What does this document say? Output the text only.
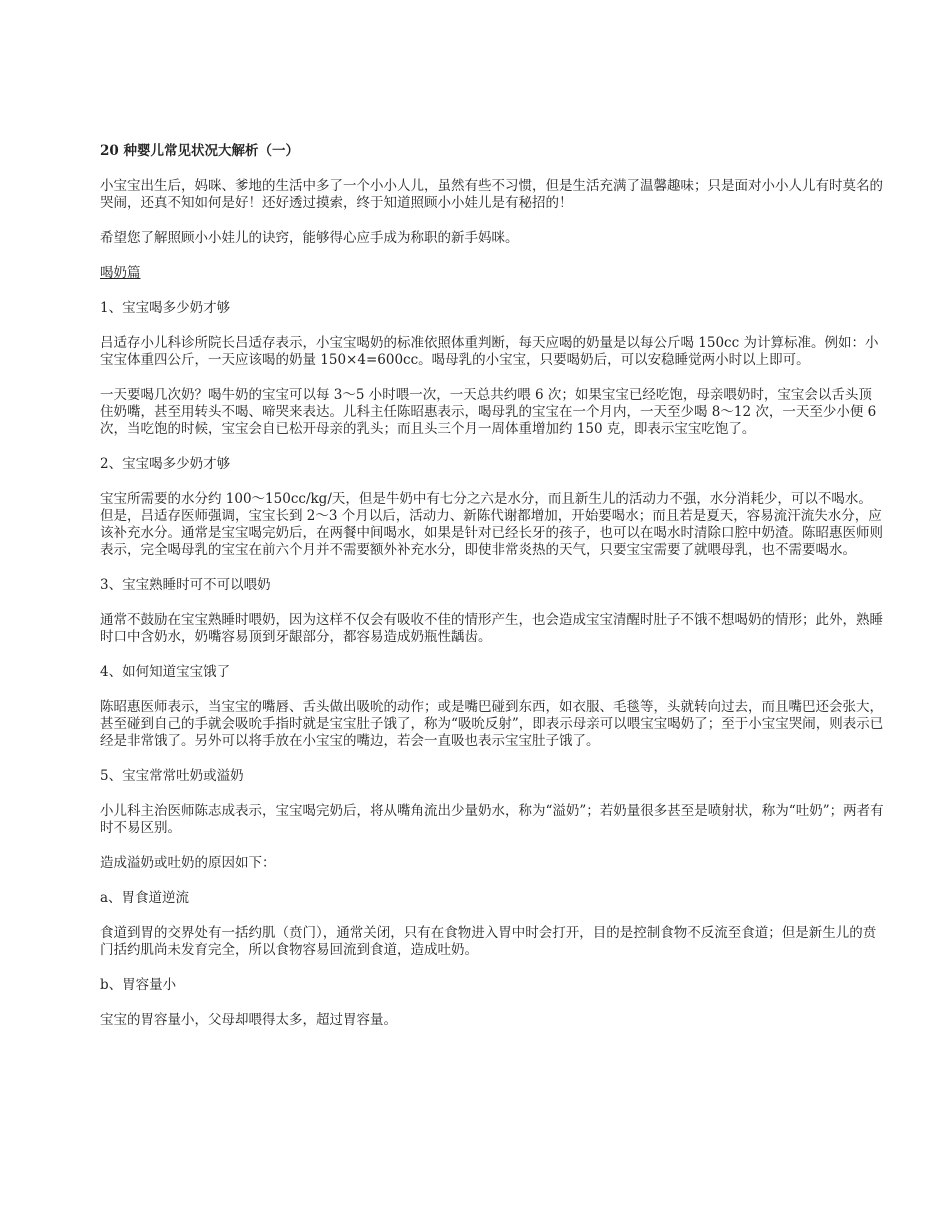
20 种婴儿常见状况大解析（一）

小宝宝出生后，妈咪、爹地的生活中多了一个小小人儿，虽然有些不习惯，但是生活充满了温馨趣味；只是面对小小人儿有时莫名的哭闹，还真不知如何是好！还好透过摸索，终于知道照顾小小娃儿是有秘招的！

希望您了解照顾小小娃儿的诀窍，能够得心应手成为称职的新手妈咪。

喝奶篇

1、宝宝喝多少奶才够

吕适存小儿科诊所院长吕适存表示，小宝宝喝奶的标准依照体重判断，每天应喝的奶量是以每公斤喝 150cc 为计算标准。例如：小宝宝体重四公斤，一天应该喝的奶量 150×4=600cc。喝母乳的小宝宝，只要喝奶后，可以安稳睡觉两小时以上即可。

一天要喝几次奶？喝牛奶的宝宝可以每 3～5 小时喂一次，一天总共约喂 6 次；如果宝宝已经吃饱，母亲喂奶时，宝宝会以舌头顶住奶嘴，甚至用转头不喝、啼哭来表达。儿科主任陈昭惠表示，喝母乳的宝宝在一个月内，一天至少喝 8～12 次，一天至少小便 6 次，当吃饱的时候，宝宝会自已松开母亲的乳头；而且头三个月一周体重增加约 150 克，即表示宝宝吃饱了。

2、宝宝喝多少奶才够

宝宝所需要的水分约 100～150cc/kg/天，但是牛奶中有七分之六是水分，而且新生儿的活动力不强，水分消耗少，可以不喝水。但是，吕适存医师强调，宝宝长到 2～3 个月以后，活动力、新陈代谢都增加，开始要喝水；而且若是夏天，容易流汗流失水分，应该补充水分。通常是宝宝喝完奶后，在两餐中间喝水，如果是针对已经长牙的孩子，也可以在喝水时清除口腔中奶渣。陈昭惠医师则表示，完全喝母乳的宝宝在前六个月并不需要额外补充水分，即使非常炎热的天气，只要宝宝需要了就喂母乳，也不需要喝水。

3、宝宝熟睡时可不可以喂奶

通常不鼓励在宝宝熟睡时喂奶，因为这样不仅会有吸收不佳的情形产生，也会造成宝宝清醒时肚子不饿不想喝奶的情形；此外，熟睡时口中含奶水，奶嘴容易顶到牙龈部分，都容易造成奶瓶性龋齿。

4、如何知道宝宝饿了

陈昭惠医师表示，当宝宝的嘴唇、舌头做出吸吮的动作；或是嘴巴碰到东西，如衣服、毛毯等，头就转向过去，而且嘴巴还会张大，甚至碰到自己的手就会吸吮手指时就是宝宝肚子饿了，称为“吸吮反射”，即表示母亲可以喂宝宝喝奶了；至于小宝宝哭闹，则表示已经是非常饿了。另外可以将手放在小宝宝的嘴边，若会一直吸也表示宝宝肚子饿了。

5、宝宝常常吐奶或溢奶

小儿科主治医师陈志成表示，宝宝喝完奶后，将从嘴角流出少量奶水，称为“溢奶”；若奶量很多甚至是喷射状，称为“吐奶”；两者有时不易区别。

造成溢奶或吐奶的原因如下：

a、胃食道逆流

食道到胃的交界处有一括约肌（贲门），通常关闭，只有在食物进入胃中时会打开，目的是控制食物不反流至食道；但是新生儿的贲门括约肌尚未发育完全，所以食物容易回流到食道，造成吐奶。

b、胃容量小

宝宝的胃容量小，父母却喂得太多，超过胃容量。
